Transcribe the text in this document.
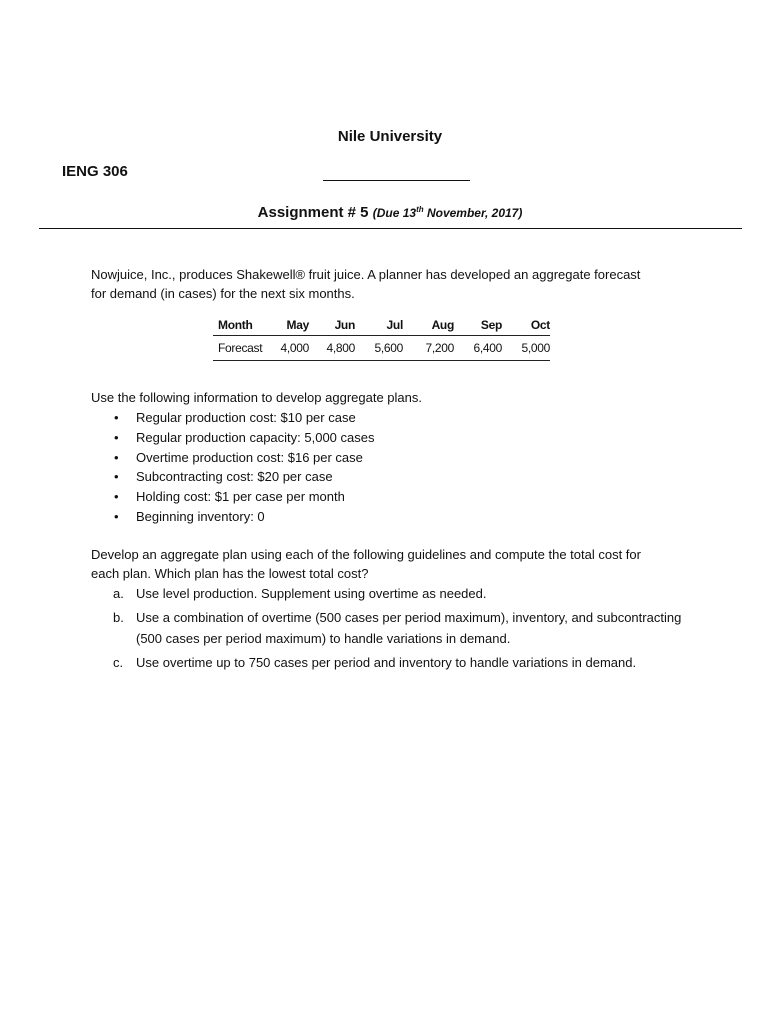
Nile University
IENG 306
Assignment # 5 (Due 13th November, 2017)
Nowjuice, Inc., produces Shakewell® fruit juice. A planner has developed an aggregate forecast
for demand (in cases) for the next six months.
Month	May	Jun	Jul	Aug	Sep	Oct
Forecast	4,000	4,800	5,600	7,200	6,400	5,000
Use the following information to develop aggregate plans.
• Regular production cost: $10 per case
• Regular production capacity: 5,000 cases
• Overtime production cost: $16 per case
• Subcontracting cost: $20 per case
• Holding cost: $1 per case per month
• Beginning inventory: 0
Develop an aggregate plan using each of the following guidelines and compute the total cost for
each plan. Which plan has the lowest total cost?
a. Use level production. Supplement using overtime as needed.
b. Use a combination of overtime (500 cases per period maximum), inventory, and subcontracting (500 cases per period maximum) to handle variations in demand.
c. Use overtime up to 750 cases per period and inventory to handle variations in demand.
